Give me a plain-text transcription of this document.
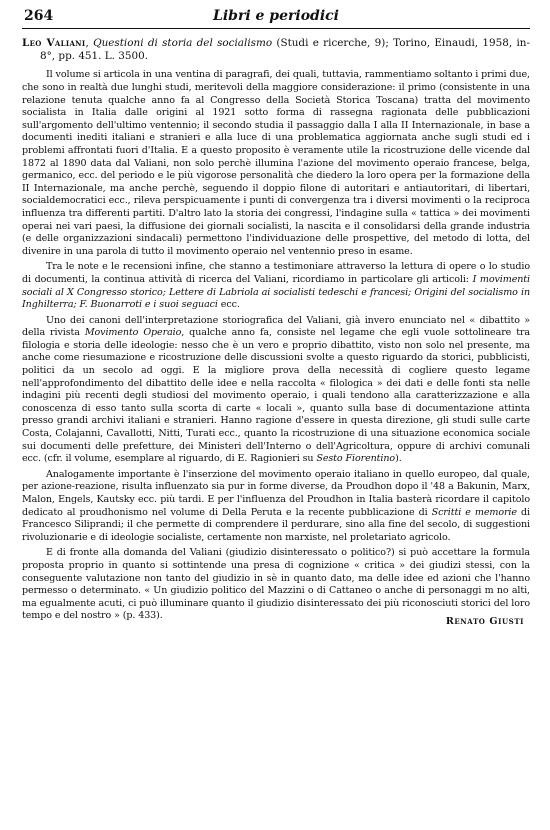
264	Libri e periodici

Leo Valiani, Questioni di storia del socialismo (Studi e ricerche, 9); Torino, Einaudi, 1958, in-8°, pp. 451. L. 3500.

Il volume si articola in una ventina di paragrafi, dei quali, tuttavia, rammentiamo soltanto i primi due, che sono in realtà due lunghi studi, meritevoli della maggiore considerazione: il primo (consistente in una relazione tenuta qualche anno fa al Congresso della Società Storica Toscana) tratta del movimento socialista in Italia dalle origini al 1921 sotto forma di rassegna ragionata delle pubblicazioni sull'argomento dell'ultimo ventennio; il secondo studia il passaggio dalla I alla II Internazionale, in base a documenti inediti italiani e stranieri e alla luce di una problematica aggiornata anche sugli studi ed i problemi affrontati fuori d'Italia. E a questo proposito è veramente utile la ricostruzione delle vicende dal 1872 al 1890 data dal Valiani, non solo perchè illumina l'azione del movimento operaio francese, belga, germanico, ecc. del periodo e le più vigorose personalità che diedero la loro opera per la formazione della II Internazionale, ma anche perchè, seguendo il doppio filone di autoritari e antiautoritari, di libertari, socialdemocratici ecc., rileva perspicuamente i punti di convergenza tra i diversi movimenti o la reciproca influenza tra differenti partiti. D'altro lato la storia dei congressi, l'indagine sulla « tattica » dei movimenti operai nei vari paesi, la diffusione dei giornali socialisti, la nascita e il consolidarsi della grande industria (e delle organizzazioni sindacali) permettono l'individuazione delle prospettive, del metodo di lotta, del divenire in una parola di tutto il movimento operaio nel ventennio preso in esame.

Tra le note e le recensioni infine, che stanno a testimoniare attraverso la lettura di opere o lo studio di documenti, la continua attività di ricerca del Valiani, ricordiamo in particolare gli articoli: I movimenti sociali al X Congresso storico; Lettere di Labriola ai socialisti tedeschi e francesi; Origini del socialismo in Inghilterra; F. Buonarroti e i suoi seguaci ecc.

Uno dei canoni dell'interpretazione storiografica del Valiani, già invero enunciato nel « dibattito » della rivista Movimento Operaio, qualche anno fa, consiste nel legame che egli vuole sottolineare tra filologia e storia delle ideologie: nesso che è un vero e proprio dibattito, visto non solo nel presente, ma anche come riesumazione e ricostruzione delle discussioni svolte a questo riguardo da storici, pubblicisti, politici da un secolo ad oggi. E la migliore prova della necessità di cogliere questo legame nell'approfondimento del dibattito delle idee e nella raccolta « filologica » dei dati e delle fonti sta nelle indagini più recenti degli studiosi del movimento operaio, i quali tendono alla caratterizzazione e alla conoscenza di esso tanto sulla scorta di carte « locali », quanto sulla base di documentazione attinta presso grandi archivi italiani e stranieri. Hanno ragione d'essere in questa direzione, gli studi sulle carte Costa, Colajanni, Cavallotti, Nitti, Turati ecc., quanto la ricostruzione di una situazione economica sociale sui documenti delle prefetture, dei Ministeri dell'Interno o dell'Agricoltura, oppure di archivi comunali ecc. (cfr. il volume, esemplare al riguardo, di E. Ragionieri su Sesto Fiorentino).

Analogamente importante è l'inserzione del movimento operaio italiano in quello europeo, dal quale, per azione-reazione, risulta influenzato sia pur in forme diverse, da Proudhon dopo il '48 a Bakunin, Marx, Malon, Engels, Kautsky ecc. più tardi. E per l'influenza del Proudhon in Italia basterà ricordare il capitolo dedicato al proudhonismo nel volume di Della Peruta e la recente pubblicazione di Scritti e memorie di Francesco Siliprandi; il che permette di comprendere il perdurare, sino alla fine del secolo, di suggestioni rivoluzionarie e di ideologie socialiste, certamente non marxiste, nel proletariato agricolo.

E di fronte alla domanda del Valiani (giudizio disinteressato o politico?) si può accettare la formula proposta proprio in quanto si sottintende una presa di cognizione « critica » dei giudizi stessi, con la conseguente valutazione non tanto del giudizio in sè in quanto dato, ma delle idee ed azioni che l'hanno permesso o determinato. « Un giudizio politico del Mazzini o di Cattaneo o anche di personaggi m no alti, ma egualmente acuti, ci può illuminare quanto il giudizio disinteressato dei più riconosciuti storici del loro tempo e del nostro » (p. 433).

Renato Giusti
